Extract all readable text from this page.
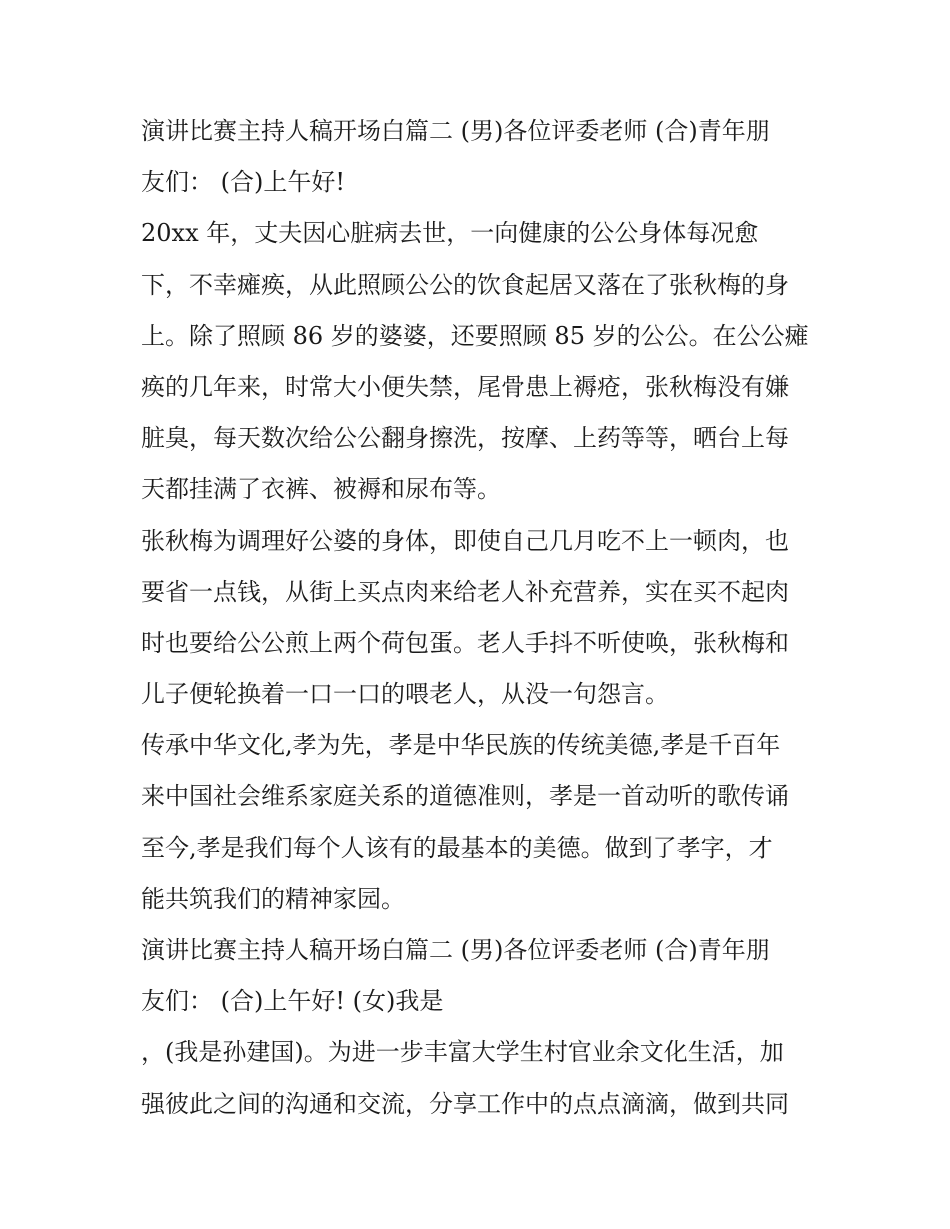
演讲比赛主持人稿开场白篇二 (男)各位评委老师 (合)青年朋
友们： (合)上午好!
20xx 年，丈夫因心脏病去世，一向健康的公公身体每况愈
下，不幸瘫痪，从此照顾公公的饮食起居又落在了张秋梅的身
上。除了照顾 86 岁的婆婆，还要照顾 85 岁的公公。在公公瘫
痪的几年来，时常大小便失禁，尾骨患上褥疮，张秋梅没有嫌
脏臭，每天数次给公公翻身擦洗，按摩、上药等等，晒台上每
天都挂满了衣裤、被褥和尿布等。
张秋梅为调理好公婆的身体，即使自己几月吃不上一顿肉，也
要省一点钱，从街上买点肉来给老人补充营养，实在买不起肉
时也要给公公煎上两个荷包蛋。老人手抖不听使唤，张秋梅和
儿子便轮换着一口一口的喂老人，从没一句怨言。
传承中华文化,孝为先，孝是中华民族的传统美德,孝是千百年
来中国社会维系家庭关系的道德准则，孝是一首动听的歌传诵
至今,孝是我们每个人该有的最基本的美德。做到了孝字，才
能共筑我们的精神家园。
演讲比赛主持人稿开场白篇二 (男)各位评委老师 (合)青年朋
友们： (合)上午好! (女)我是
，(我是孙建国)。为进一步丰富大学生村官业余文化生活，加
强彼此之间的沟通和交流，分享工作中的点点滴滴，做到共同
